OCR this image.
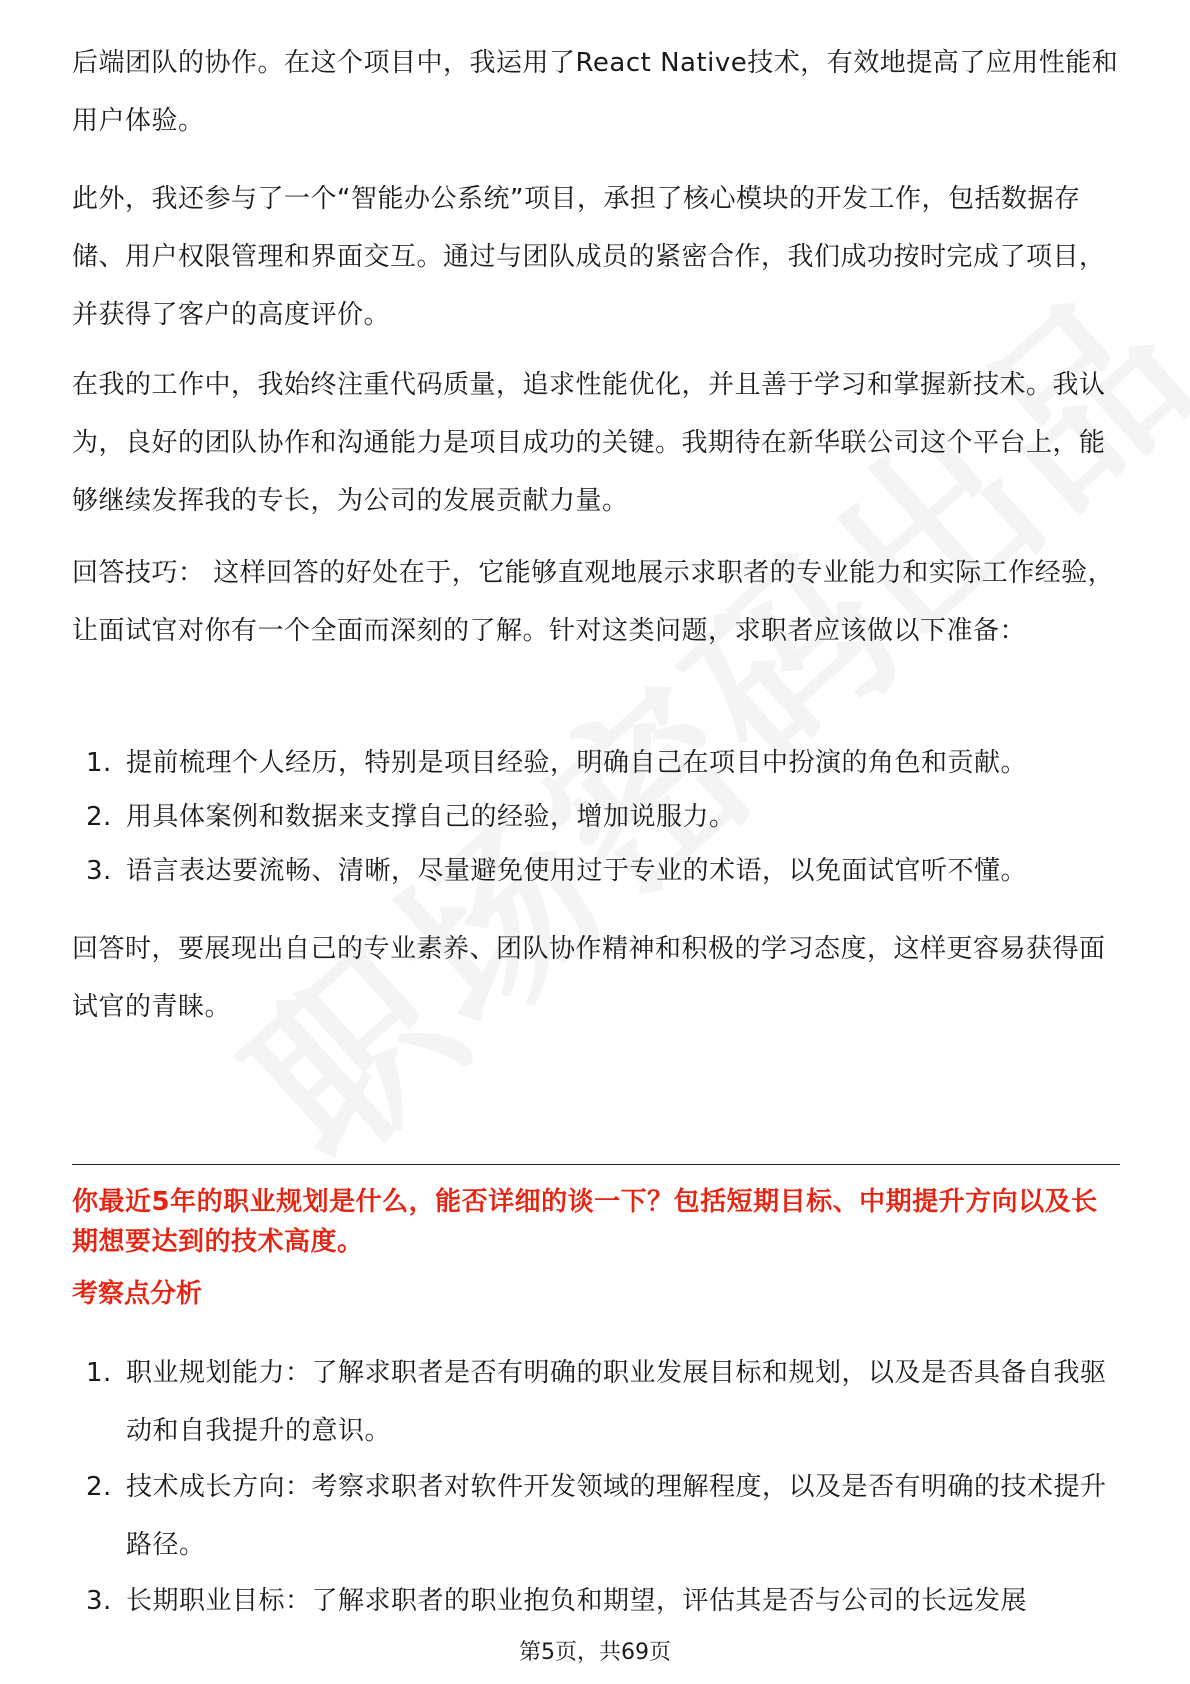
后端团队的协作。在这个项目中，我运用了React Native技术，有效地提高了应用性能和用户体验。

此外，我还参与了一个“智能办公系统”项目，承担了核心模块的开发工作，包括数据存储、用户权限管理和界面交互。通过与团队成员的紧密合作，我们成功按时完成了项目，并获得了客户的高度评价。

在我的工作中，我始终注重代码质量，追求性能优化，并且善于学习和掌握新技术。我认为，良好的团队协作和沟通能力是项目成功的关键。我期待在新华联公司这个平台上，能够继续发挥我的专长，为公司的发展贡献力量。

回答技巧： 这样回答的好处在于，它能够直观地展示求职者的专业能力和实际工作经验，让面试官对你有一个全面而深刻的了解。针对这类问题，求职者应该做以下准备：

1. 提前梳理个人经历，特别是项目经验，明确自己在项目中扮演的角色和贡献。
2. 用具体案例和数据来支撑自己的经验，增加说服力。
3. 语言表达要流畅、清晰，尽量避免使用过于专业的术语，以免面试官听不懂。

回答时，要展现出自己的专业素养、团队协作精神和积极的学习态度，这样更容易获得面试官的青睐。

你最近5年的职业规划是什么，能否详细的谈一下？包括短期目标、中期提升方向以及长期想要达到的技术高度。

考察点分析

1. 职业规划能力：了解求职者是否有明确的职业发展目标和规划，以及是否具备自我驱动和自我提升的意识。
2. 技术成长方向：考察求职者对软件开发领域的理解程度，以及是否有明确的技术提升路径。
3. 长期职业目标：了解求职者的职业抱负和期望，评估其是否与公司的长远发展
第5页，共69页
